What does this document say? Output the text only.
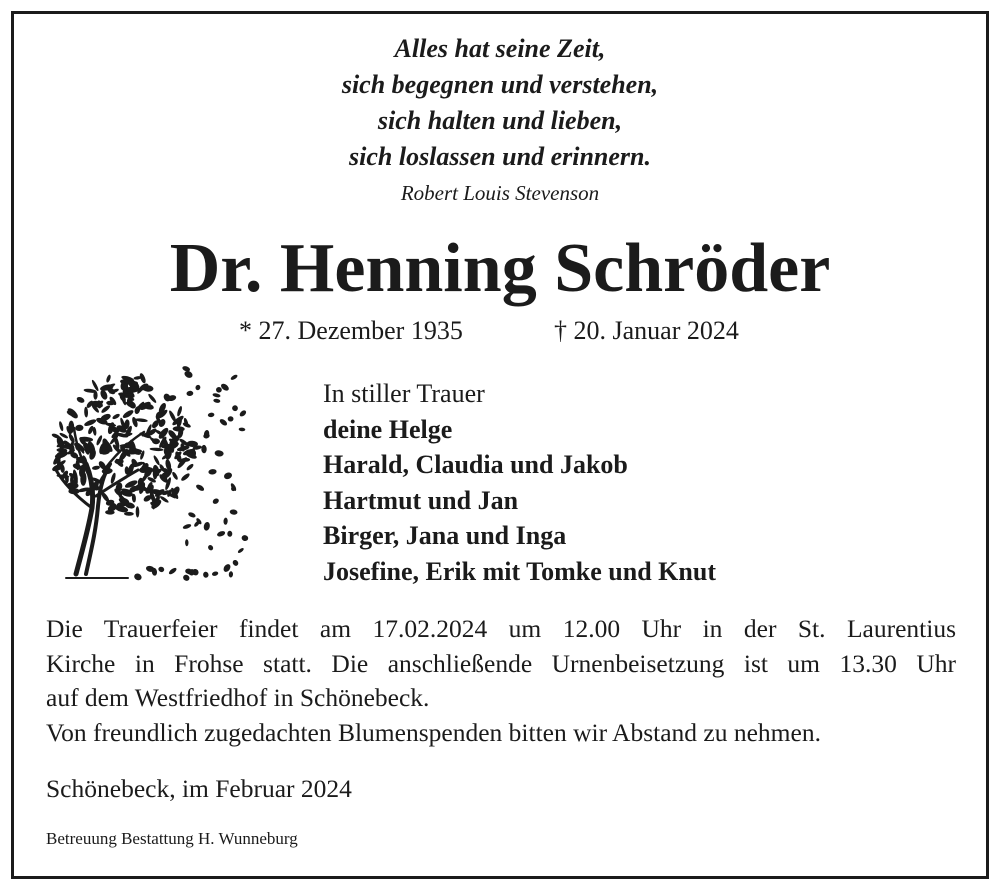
Alles hat seine Zeit,
sich begegnen und verstehen,
sich halten und lieben,
sich loslassen und erinnern.
Robert Louis Stevenson
Dr. Henning Schröder
* 27. Dezember 1935	† 20. Januar 2024
In stiller Trauer
deine Helge
Harald, Claudia und Jakob
Hartmut und Jan
Birger, Jana und Inga
Josefine, Erik mit Tomke und Knut
Die Trauerfeier findet am 17.02.2024 um 12.00 Uhr in der St. Laurentius
Kirche in Frohse statt. Die anschließende Urnenbeisetzung ist um 13.30 Uhr
auf dem Westfriedhof in Schönebeck.
Von freundlich zugedachten Blumenspenden bitten wir Abstand zu nehmen.
Schönebeck, im Februar 2024
Betreuung Bestattung H. Wunneburg
